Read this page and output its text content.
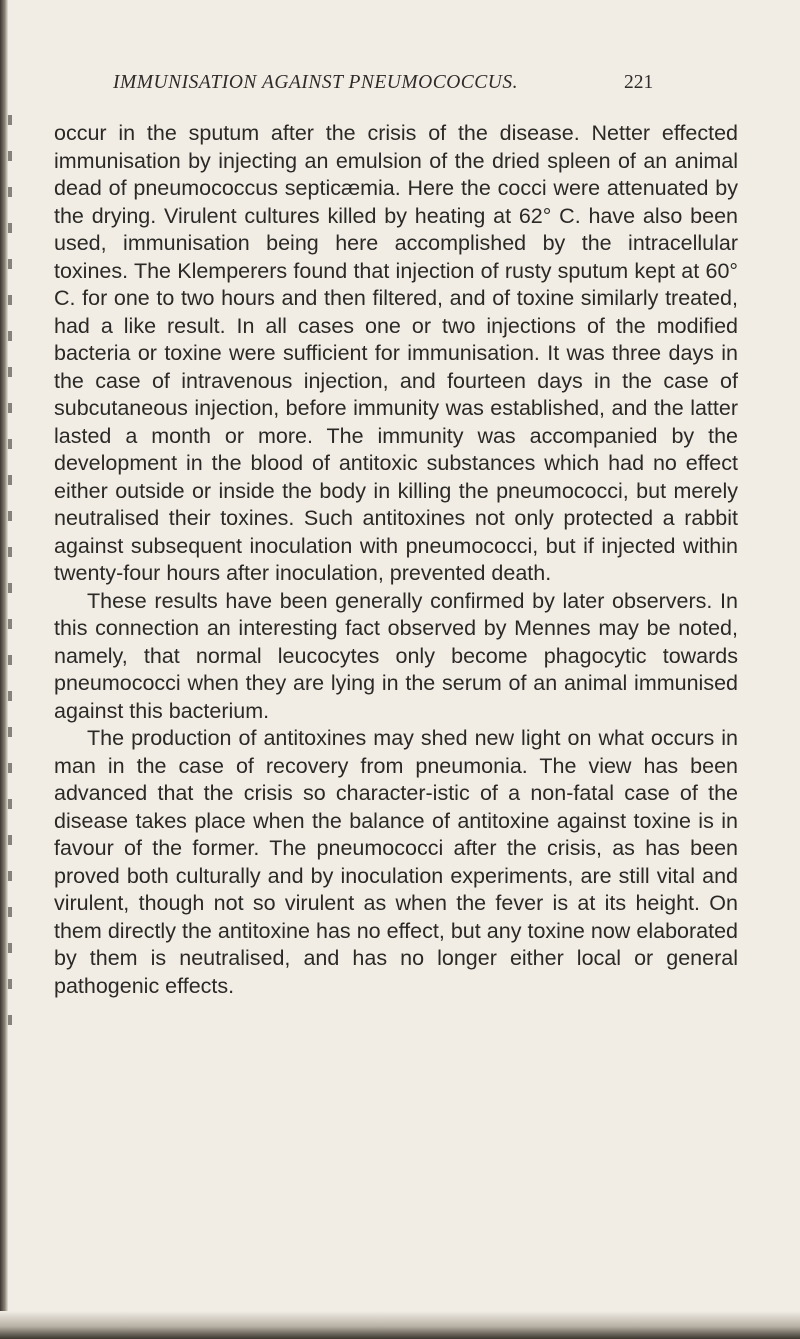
IMMUNISATION AGAINST PNEUMOCOCCUS.	221

occur in the sputum after the crisis of the disease. Netter effected immunisation by injecting an emulsion of the dried spleen of an animal dead of pneumococcus septicæmia. Here the cocci were attenuated by the drying. Virulent cultures killed by heating at 62° C. have also been used, immunisation being here accomplished by the intracellular toxines. The Klemperers found that injection of rusty sputum kept at 60° C. for one to two hours and then filtered, and of toxine similarly treated, had a like result. In all cases one or two injections of the modified bacteria or toxine were sufficient for immunisation. It was three days in the case of intravenous injection, and fourteen days in the case of subcutaneous injection, before immunity was established, and the latter lasted a month or more. The immunity was accompanied by the development in the blood of antitoxic substances which had no effect either outside or inside the body in killing the pneumococci, but merely neutralised their toxines. Such antitoxines not only protected a rabbit against subsequent inoculation with pneumococci, but if injected within twenty-four hours after inoculation, prevented death.

These results have been generally confirmed by later observers. In this connection an interesting fact observed by Mennes may be noted, namely, that normal leucocytes only become phagocytic towards pneumococci when they are lying in the serum of an animal immunised against this bacterium.

The production of antitoxines may shed new light on what occurs in man in the case of recovery from pneumonia. The view has been advanced that the crisis so character-istic of a non-fatal case of the disease takes place when the balance of antitoxine against toxine is in favour of the former. The pneumococci after the crisis, as has been proved both culturally and by inoculation experiments, are still vital and virulent, though not so virulent as when the fever is at its height. On them directly the antitoxine has no effect, but any toxine now elaborated by them is neutralised, and has no longer either local or general pathogenic effects.
